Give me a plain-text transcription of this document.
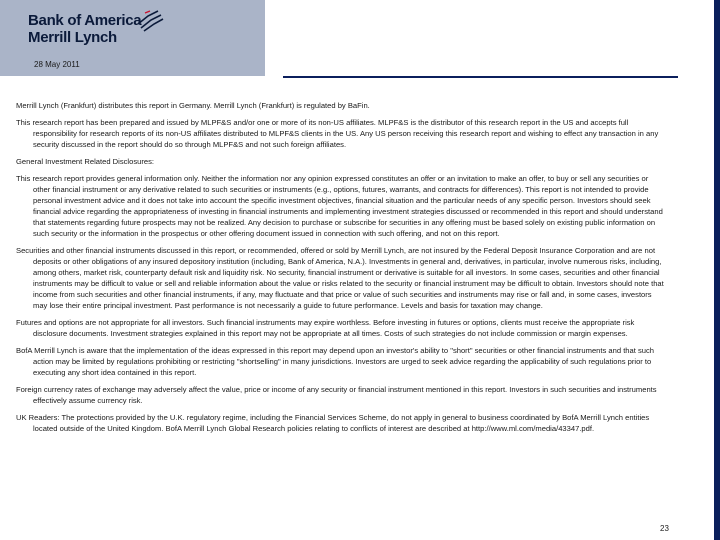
Bank of America
Merrill Lynch
28 May 2011

Merrill Lynch (Frankfurt) distributes this report in Germany. Merrill Lynch (Frankfurt) is regulated by BaFin.

This research report has been prepared and issued by MLPF&S and/or one or more of its non-US affiliates. MLPF&S is the distributor of this research report in the US and accepts full responsibility for research reports of its non-US affiliates distributed to MLPF&S clients in the US. Any US person receiving this research report and wishing to effect any transaction in any security discussed in the report should do so through MLPF&S and not such foreign affiliates.

General Investment Related Disclosures:

This research report provides general information only. Neither the information nor any opinion expressed constitutes an offer or an invitation to make an offer, to buy or sell any securities or other financial instrument or any derivative related to such securities or instruments (e.g., options, futures, warrants, and contracts for differences). This report is not intended to provide personal investment advice and it does not take into account the specific investment objectives, financial situation and the particular needs of any specific person. Investors should seek financial advice regarding the appropriateness of investing in financial instruments and implementing investment strategies discussed or recommended in this report and should understand that statements regarding future prospects may not be realized. Any decision to purchase or subscribe for securities in any offering must be based solely on existing public information on such security or the information in the prospectus or other offering document issued in connection with such offering, and not on this report.

Securities and other financial instruments discussed in this report, or recommended, offered or sold by Merrill Lynch, are not insured by the Federal Deposit Insurance Corporation and are not deposits or other obligations of any insured depository institution (including, Bank of America, N.A.). Investments in general and, derivatives, in particular, involve numerous risks, including, among others, market risk, counterparty default risk and liquidity risk. No security, financial instrument or derivative is suitable for all investors. In some cases, securities and other financial instruments may be difficult to value or sell and reliable information about the value or risks related to the security or financial instrument may be difficult to obtain. Investors should note that income from such securities and other financial instruments, if any, may fluctuate and that price or value of such securities and instruments may rise or fall and, in some cases, investors may lose their entire principal investment. Past performance is not necessarily a guide to future performance. Levels and basis for taxation may change.

Futures and options are not appropriate for all investors. Such financial instruments may expire worthless. Before investing in futures or options, clients must receive the appropriate risk disclosure documents. Investment strategies explained in this report may not be appropriate at all times. Costs of such strategies do not include commission or margin expenses.

BofA Merrill Lynch is aware that the implementation of the ideas expressed in this report may depend upon an investor's ability to "short" securities or other financial instruments and that such action may be limited by regulations prohibiting or restricting "shortselling" in many jurisdictions. Investors are urged to seek advice regarding the applicability of such regulations prior to executing any short idea contained in this report.

Foreign currency rates of exchange may adversely affect the value, price or income of any security or financial instrument mentioned in this report. Investors in such securities and instruments effectively assume currency risk.

UK Readers: The protections provided by the U.K. regulatory regime, including the Financial Services Scheme, do not apply in general to business coordinated by BofA Merrill Lynch entities located outside of the United Kingdom. BofA Merrill Lynch Global Research policies relating to conflicts of interest are described at http://www.ml.com/media/43347.pdf.

23
